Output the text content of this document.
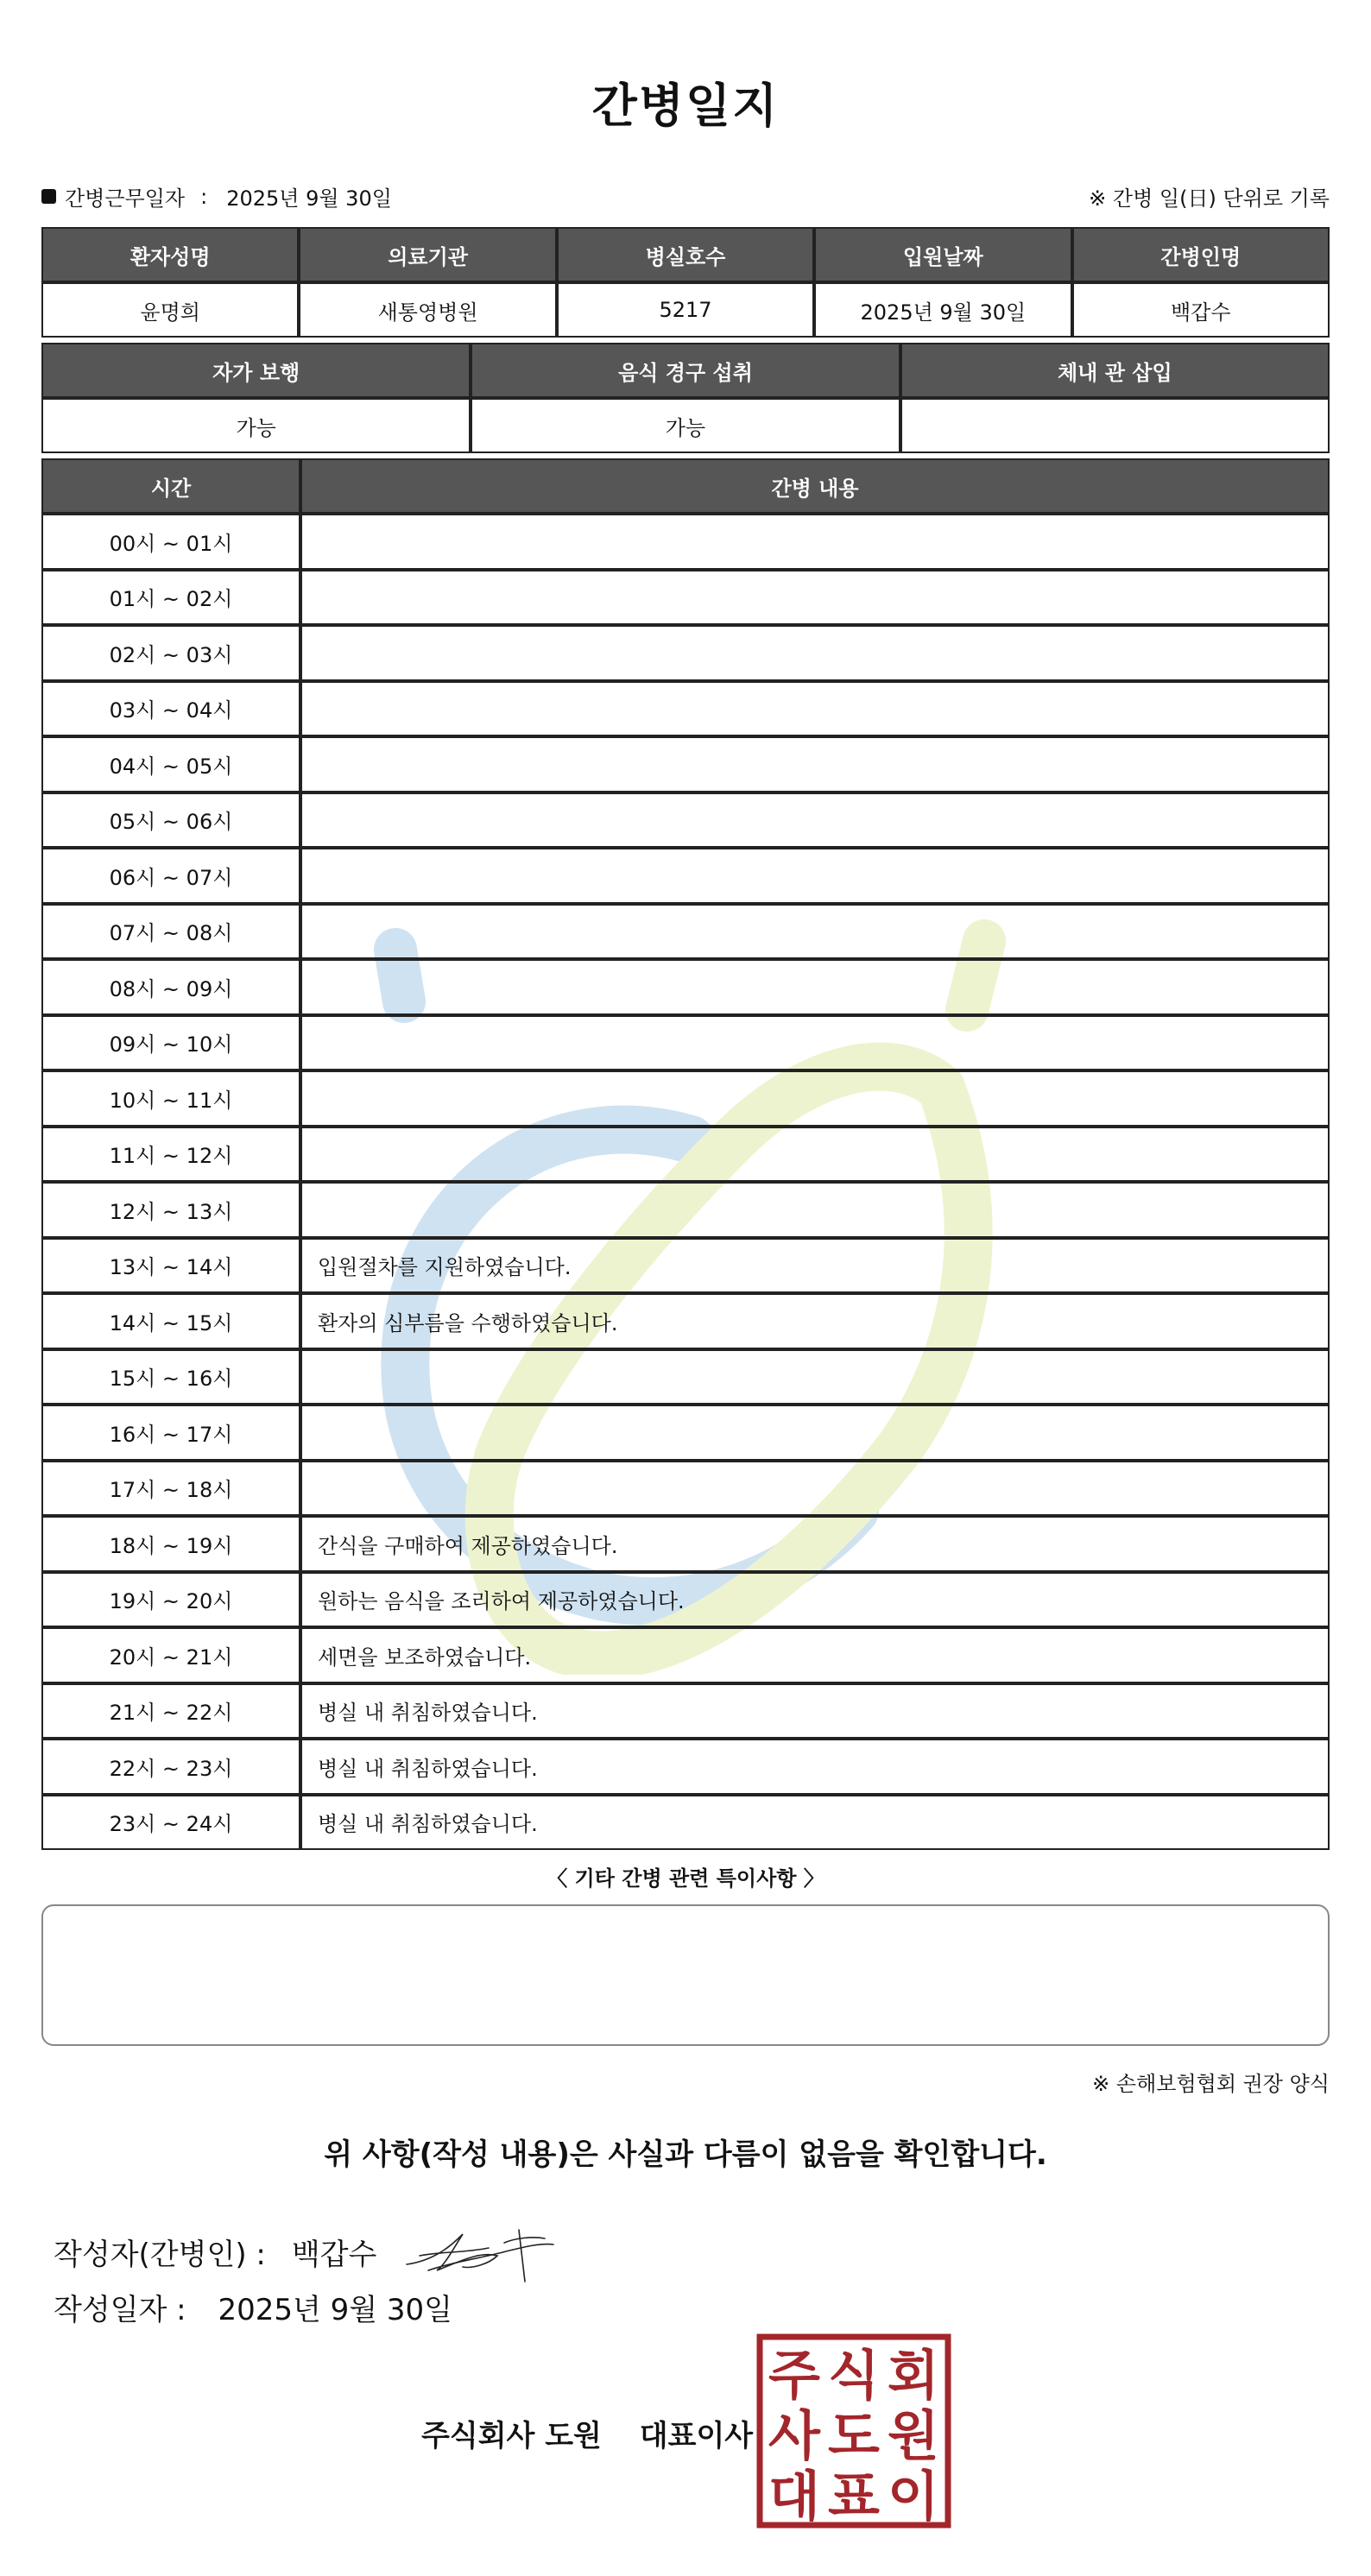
간병일지
간병근무일자 : 2025년 9월 30일	※ 간병 일(日) 단위로 기록
환자성명	의료기관	병실호수	입원날짜	간병인명
윤명희	새통영병원	5217	2025년 9월 30일	백갑수
자가 보행	음식 경구 섭취	체내 관 삽입
가능	가능	
시간	간병 내용
00시 ~ 01시	
01시 ~ 02시	
02시 ~ 03시	
03시 ~ 04시	
04시 ~ 05시	
05시 ~ 06시	
06시 ~ 07시	
07시 ~ 08시	
08시 ~ 09시	
09시 ~ 10시	
10시 ~ 11시	
11시 ~ 12시	
12시 ~ 13시	
13시 ~ 14시	입원절차를 지원하였습니다.
14시 ~ 15시	환자의 심부름을 수행하였습니다.
15시 ~ 16시	
16시 ~ 17시	
17시 ~ 18시	
18시 ~ 19시	간식을 구매하여 제공하였습니다.
19시 ~ 20시	원하는 음식을 조리하여 제공하였습니다.
20시 ~ 21시	세면을 보조하였습니다.
21시 ~ 22시	병실 내 취침하였습니다.
22시 ~ 23시	병실 내 취침하였습니다.
23시 ~ 24시	병실 내 취침하였습니다.
〈 기타 간병 관련 특이사항 〉
※ 손해보험협회 권장 양식
위 사항(작성 내용)은 사실과 다름이 없음을 확인합니다.
작성자(간병인) : 백갑수
작성일자 : 2025년 9월 30일
주식회사 도원 대표이사
주 식 회
사 도 원
대 표 이
